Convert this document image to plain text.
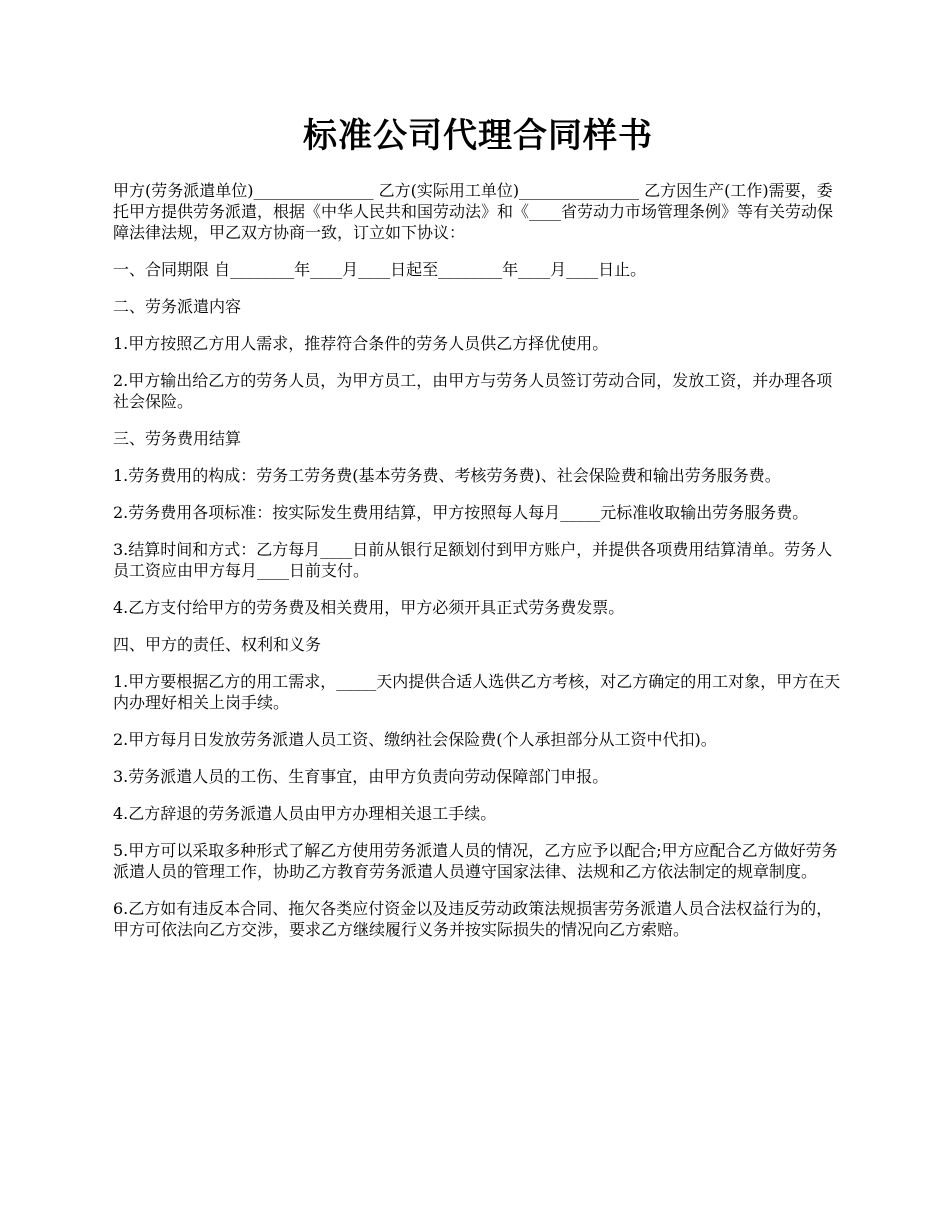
标准公司代理合同样书

甲方(劳务派遣单位)_______________ 乙方(实际用工单位)_______________ 乙方因生产(工作)需要，委托甲方提供劳务派遣，根据《中华人民共和国劳动法》和《____省劳动力市场管理条例》等有关劳动保障法律法规，甲乙双方协商一致，订立如下协议：

一、合同期限 自________年____月____日起至________年____月____日止。

二、劳务派遣内容

1.甲方按照乙方用人需求，推荐符合条件的劳务人员供乙方择优使用。

2.甲方输出给乙方的劳务人员，为甲方员工，由甲方与劳务人员签订劳动合同，发放工资，并办理各项社会保险。

三、劳务费用结算

1.劳务费用的构成：劳务工劳务费(基本劳务费、考核劳务费)、社会保险费和输出劳务服务费。

2.劳务费用各项标准：按实际发生费用结算，甲方按照每人每月_____元标准收取输出劳务服务费。

3.结算时间和方式：乙方每月____日前从银行足额划付到甲方账户，并提供各项费用结算清单。劳务人员工资应由甲方每月____日前支付。

4.乙方支付给甲方的劳务费及相关费用，甲方必须开具正式劳务费发票。

四、甲方的责任、权利和义务

1.甲方要根据乙方的用工需求，_____天内提供合适人选供乙方考核，对乙方确定的用工对象，甲方在天内办理好相关上岗手续。

2.甲方每月日发放劳务派遣人员工资、缴纳社会保险费(个人承担部分从工资中代扣)。

3.劳务派遣人员的工伤、生育事宜，由甲方负责向劳动保障部门申报。

4.乙方辞退的劳务派遣人员由甲方办理相关退工手续。

5.甲方可以采取多种形式了解乙方使用劳务派遣人员的情况，乙方应予以配合;甲方应配合乙方做好劳务派遣人员的管理工作，协助乙方教育劳务派遣人员遵守国家法律、法规和乙方依法制定的规章制度。

6.乙方如有违反本合同、拖欠各类应付资金以及违反劳动政策法规损害劳务派遣人员合法权益行为的，甲方可依法向乙方交涉，要求乙方继续履行义务并按实际损失的情况向乙方索赔。
